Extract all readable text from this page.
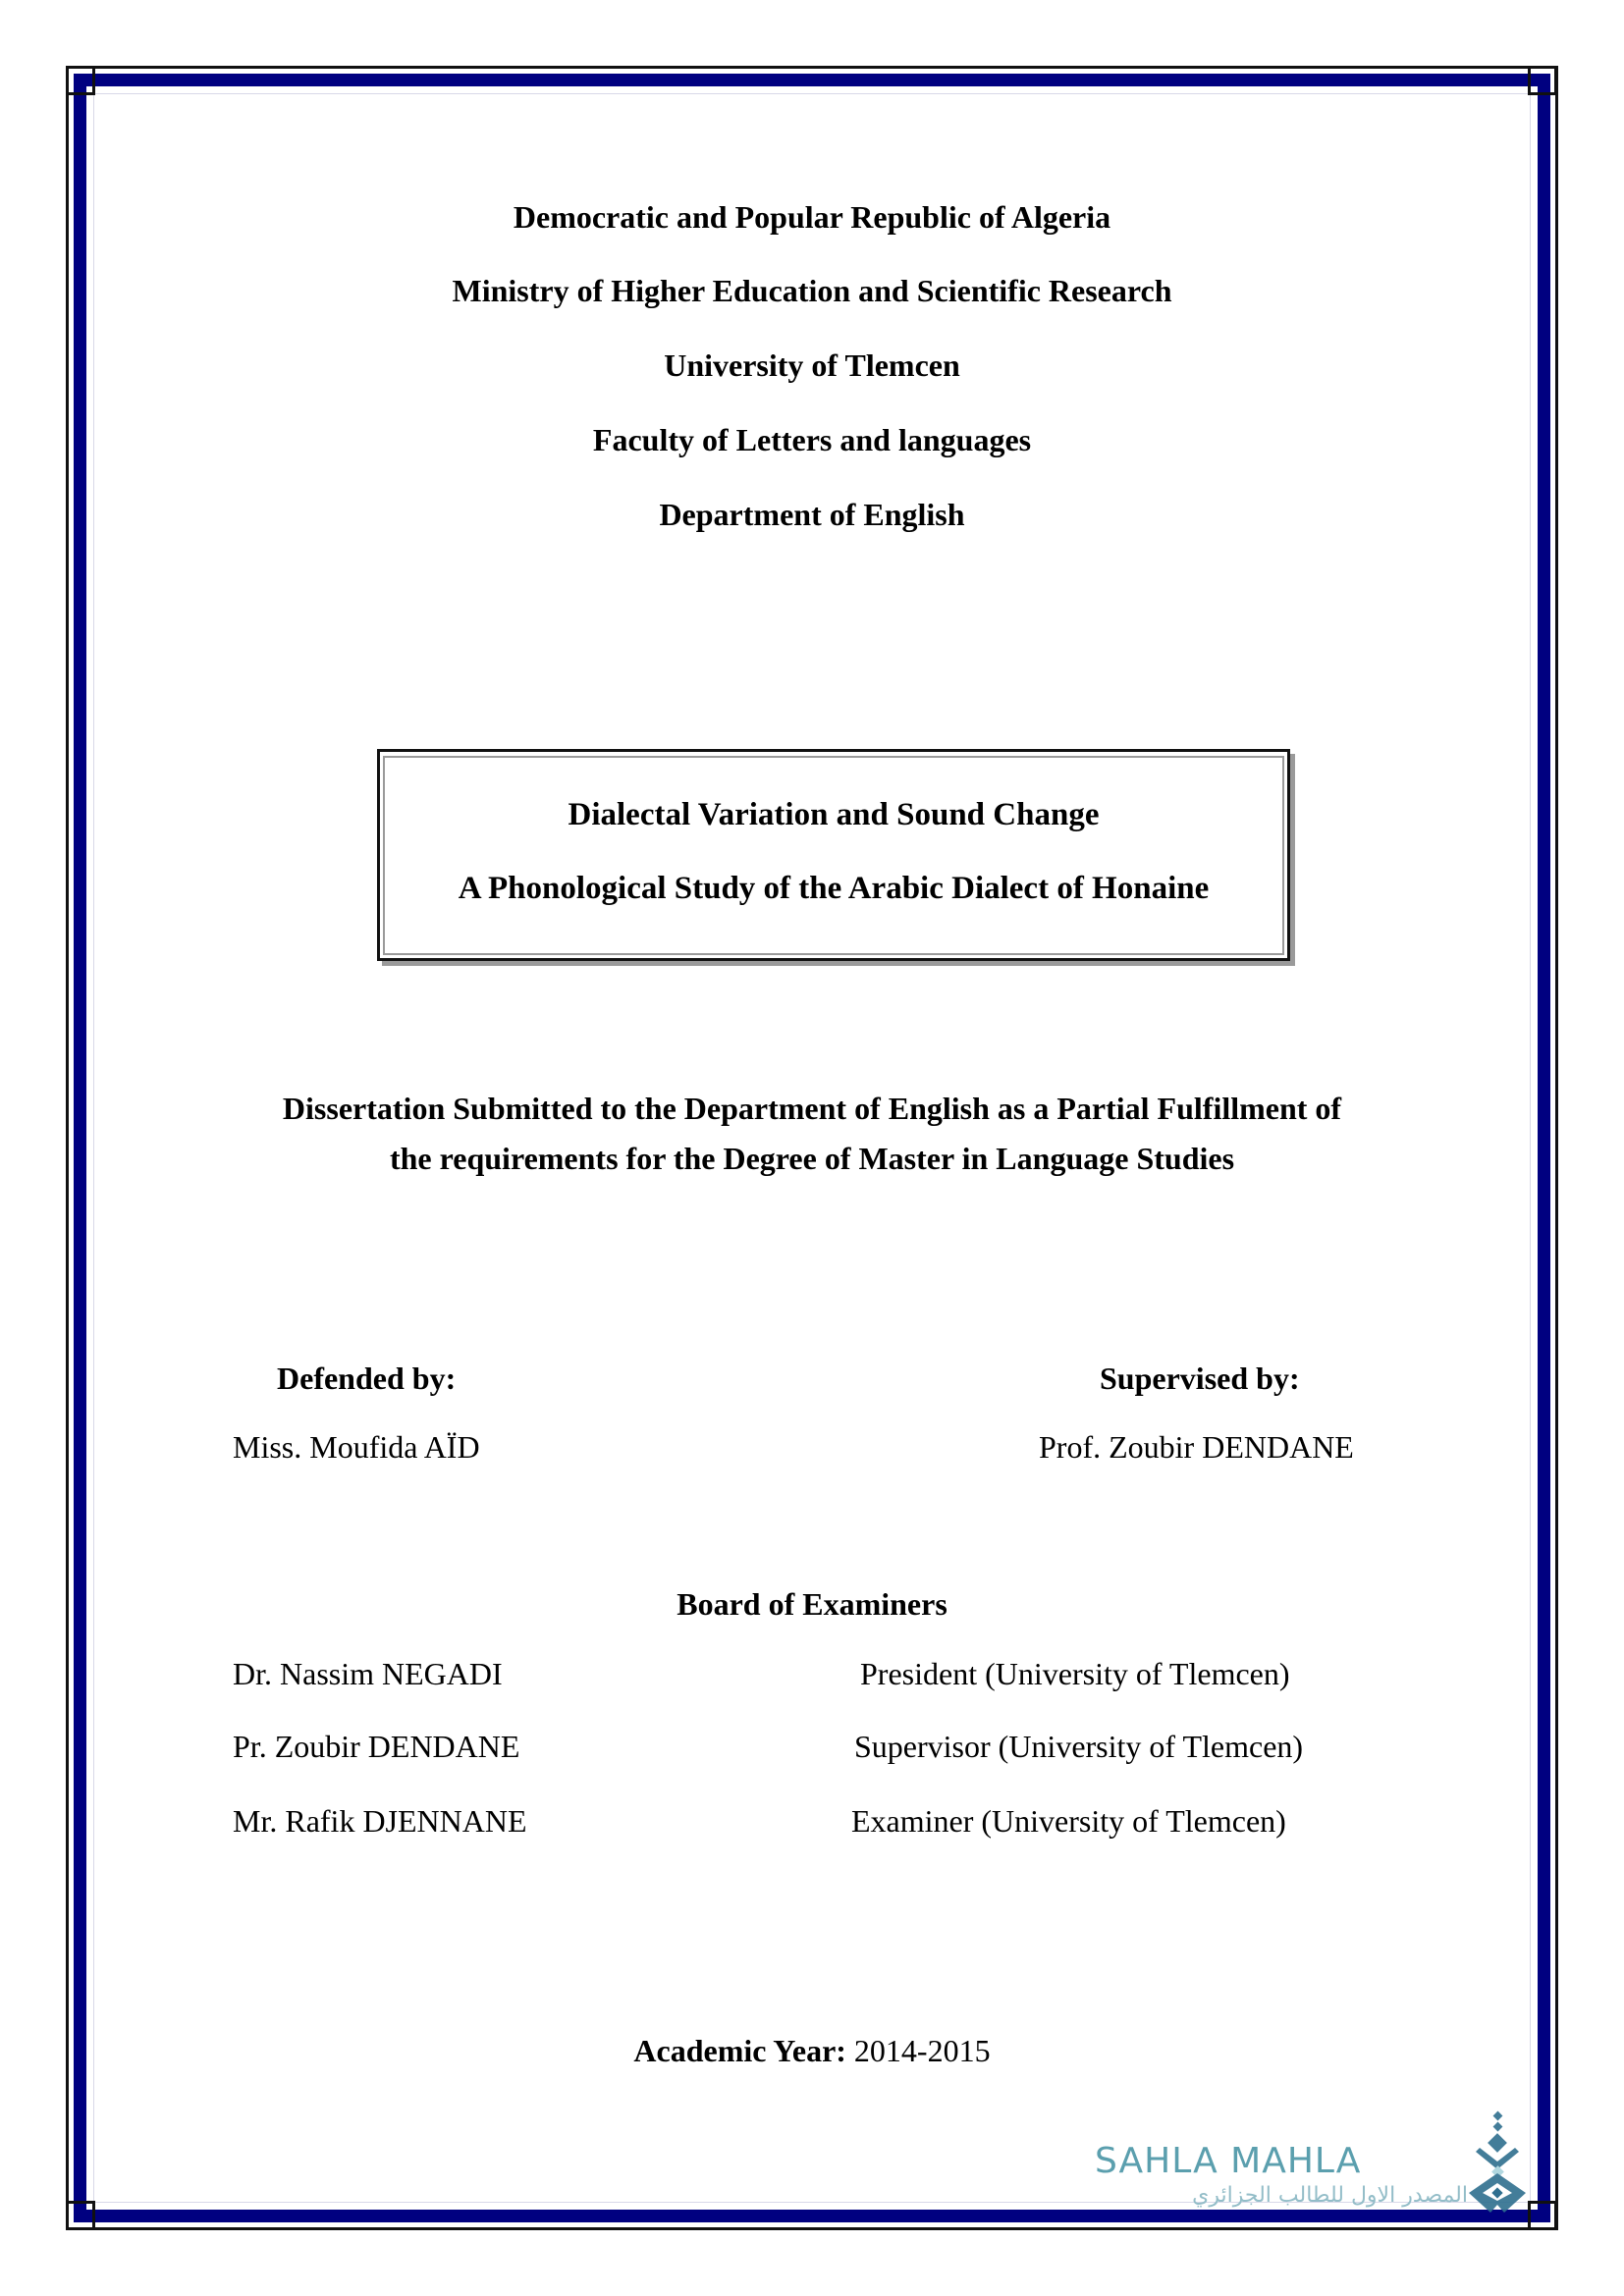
Democratic and Popular Republic of Algeria
Ministry of Higher Education and Scientific Research
University of Tlemcen
Faculty of Letters and languages
Department of English
Dialectal Variation and Sound Change
A Phonological Study of the Arabic Dialect of Honaine
Dissertation Submitted to the Department of English as a Partial Fulfillment of
the requirements for the Degree of Master in Language Studies
Defended by:
Miss. Moufida AÏD
Supervised by:
Prof. Zoubir DENDANE
Board of Examiners
Dr. Nassim NEGADI	President (University of Tlemcen)
Pr. Zoubir DENDANE	Supervisor (University of Tlemcen)
Mr. Rafik DJENNANE	Examiner (University of Tlemcen)
Academic Year: 2014-2015
SAHLA MAHLA
المصدر الاول للطالب الجزائري
